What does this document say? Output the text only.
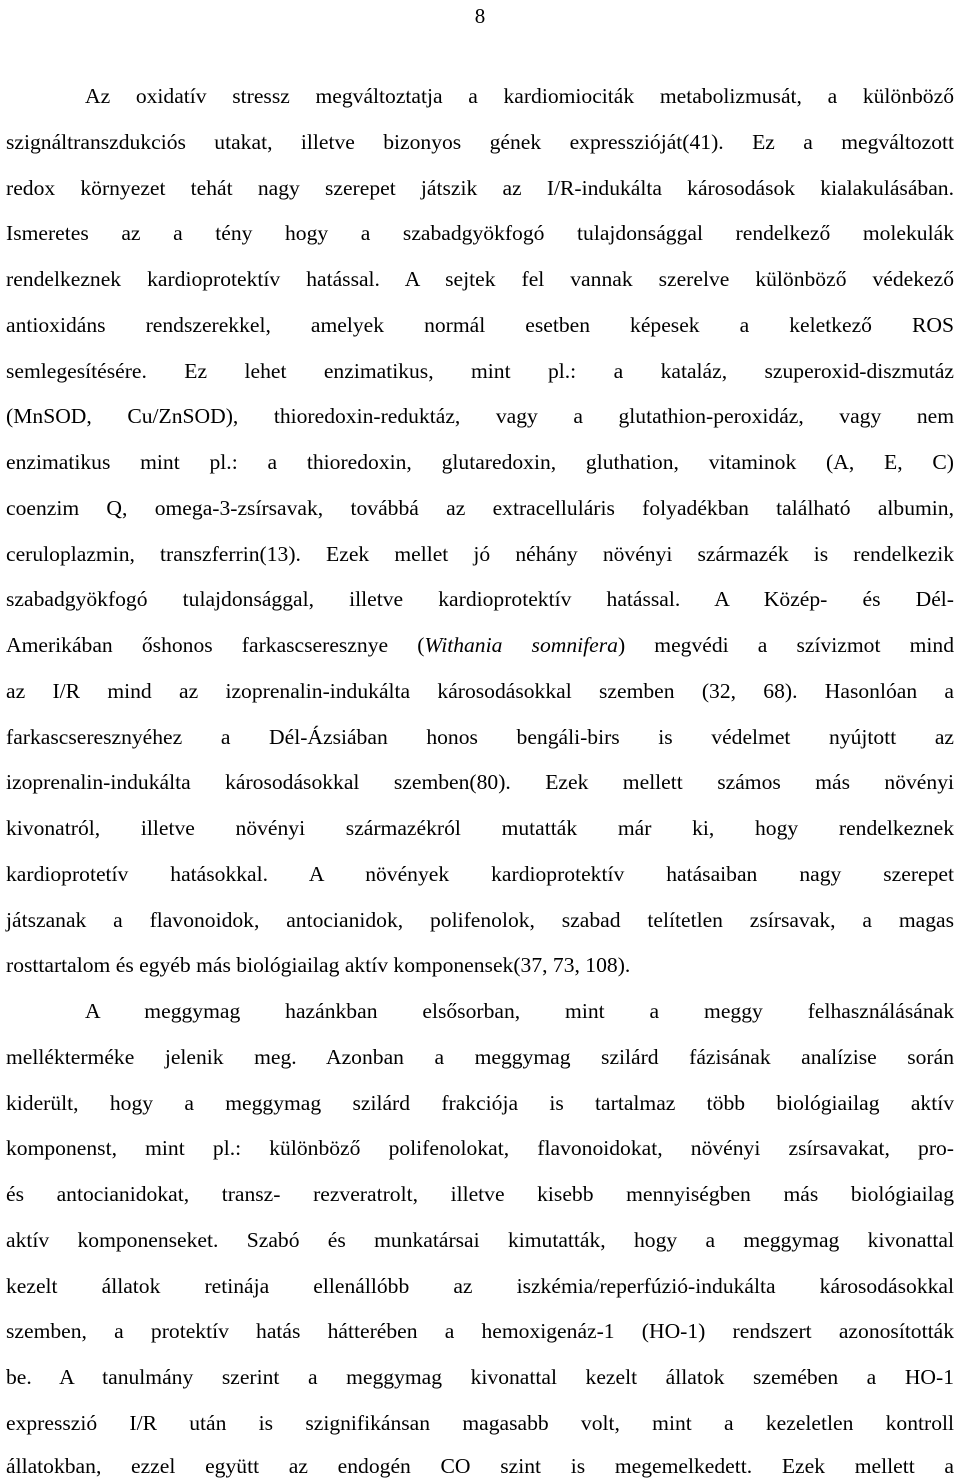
8
Az oxidatív stressz megváltoztatja a kardiomiociták metabolizmusát, a különböző
szignáltranszdukciós utakat, illetve bizonyos gének expresszióját(41). Ez a megváltozott
redox környezet tehát nagy szerepet játszik az I/R-indukálta károsodások kialakulásában.
Ismeretes az a tény hogy a szabadgyökfogó tulajdonsággal rendelkező molekulák
rendelkeznek kardioprotektív hatással. A sejtek fel vannak szerelve különböző védekező
antioxidáns rendszerekkel, amelyek normál esetben képesek a keletkező ROS
semlegesítésére. Ez lehet enzimatikus, mint pl.: a kataláz, szuperoxid-diszmutáz
(MnSOD, Cu/ZnSOD), thioredoxin-reduktáz, vagy a glutathion-peroxidáz, vagy nem
enzimatikus mint pl.: a thioredoxin, glutaredoxin, gluthation, vitaminok (A, E, C)
coenzim Q, omega-3-zsírsavak, továbbá az extracelluláris folyadékban található albumin,
ceruloplazmin, transzferrin(13). Ezek mellet jó néhány növényi származék is rendelkezik
szabadgyökfogó tulajdonsággal, illetve kardioprotektív hatással. A Közép- és Dél-
Amerikában őshonos farkascseresznye (Withania somnifera) megvédi a szívizmot mind
az I/R mind az izoprenalin-indukálta károsodásokkal szemben (32, 68). Hasonlóan a
farkascseresznyéhez a Dél-Ázsiában honos bengáli-birs is védelmet nyújtott az
izoprenalin-indukálta károsodásokkal szemben(80). Ezek mellett számos más növényi
kivonatról, illetve növényi származékról mutatták már ki, hogy rendelkeznek
kardioprotetív hatásokkal. A növények kardioprotektív hatásaiban nagy szerepet
játszanak a flavonoidok, antocianidok, polifenolok, szabad telítetlen zsírsavak, a magas
rosttartalom és egyéb más biológiailag aktív komponensek(37, 73, 108).
A meggymag hazánkban elsősorban, mint a meggy felhasználásának
mellékterméke jelenik meg. Azonban a meggymag szilárd fázisának analízise során
kiderült, hogy a meggymag szilárd frakciója is tartalmaz több biológiailag aktív
komponenst, mint pl.: különböző polifenolokat, flavonoidokat, növényi zsírsavakat, pro-
és antocianidokat, transz- rezveratrolt, illetve kisebb mennyiségben más biológiailag
aktív komponenseket. Szabó és munkatársai kimutatták, hogy a meggymag kivonattal
kezelt állatok retinája ellenállóbb az iszkémia/reperfúzió-indukálta károsodásokkal
szemben, a protektív hatás hátterében a hemoxigenáz-1 (HO-1) rendszert azonosították
be. A tanulmány szerint a meggymag kivonattal kezelt állatok szemében a HO-1
expresszió I/R után is szignifikánsan magasabb volt, mint a kezeletlen kontroll
állatokban, ezzel együtt az endogén CO szint is megemelkedett. Ezek mellett a
